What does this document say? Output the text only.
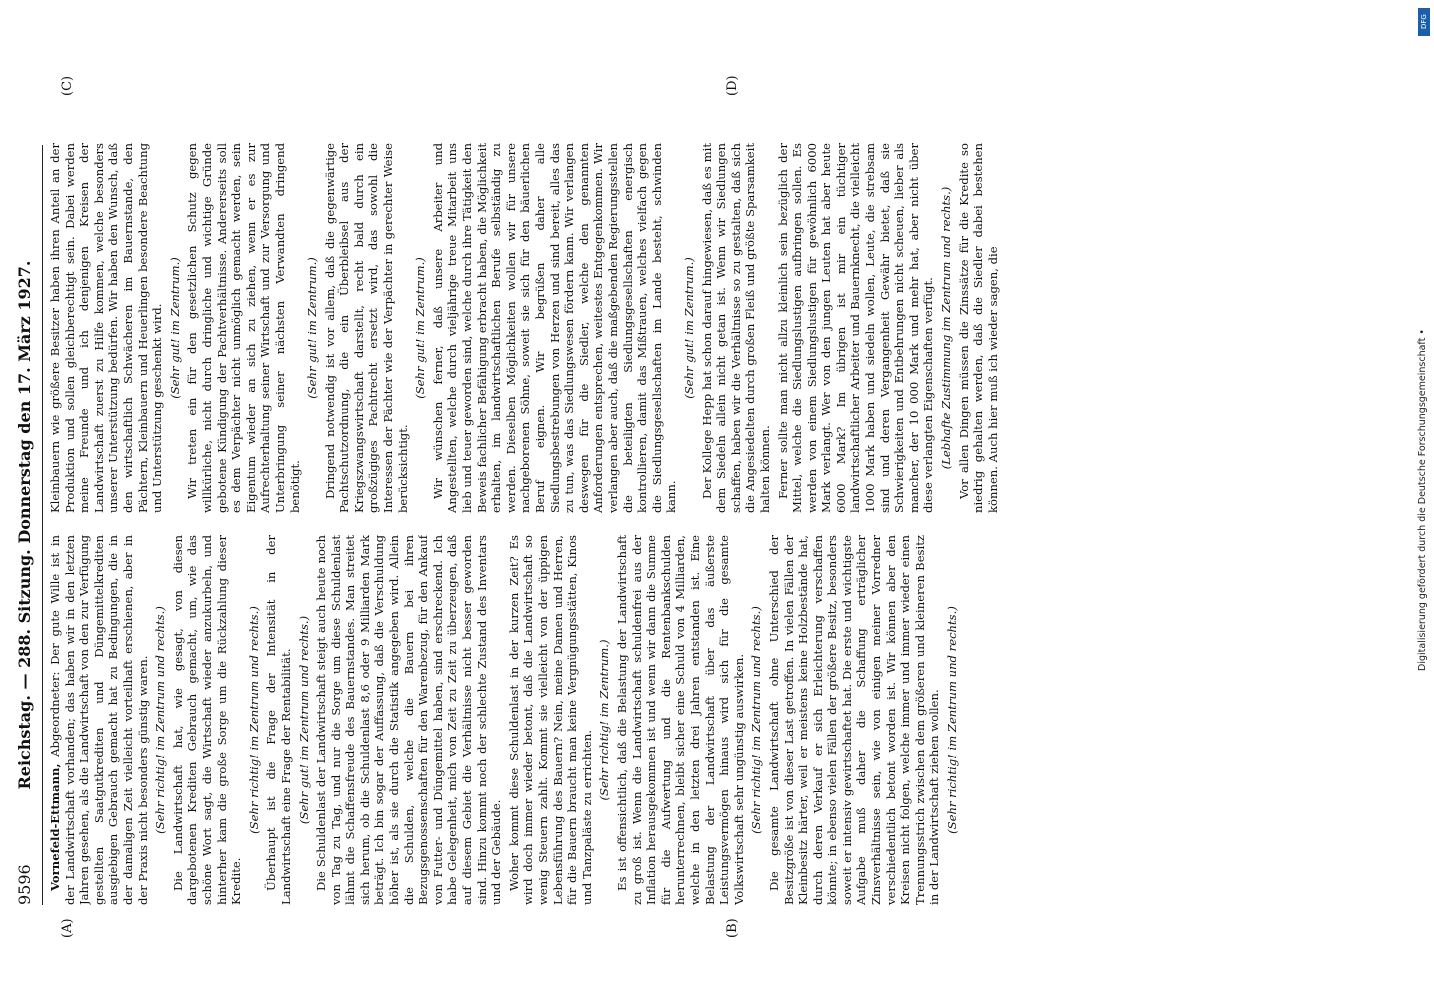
9596
Reichstag. — 288. Sitzung. Donnerstag den 17. März 1927.
(A)	(B)
(C)	(D)

Vornefeld-Ettmann, Abgeordneter: Der gute Wille ist in der Landwirtschaft vorhanden; das haben wir in den letzten Jahren gesehen, als die Landwirtschaft von den zur Verfügung gestellten Saatgutkrediten und Düngemittelkrediten ausgiebigen Gebrauch gemacht hat zu Bedingungen, die in der damaligen Zeit vielleicht vorteilhaft erschienen, aber in der Praxis nicht besonders günstig waren. (Sehr richtig! im Zentrum und rechts.) Die Landwirtschaft hat, wie gesagt, von diesen dargebotenen Krediten Gebrauch gemacht, um, wie das schöne Wort sagt, die Wirtschaft wieder anzukurbeln, und hinterher kam die große Sorge um die Rückzahlung dieser Kredite.

(Sehr richtig! im Zentrum und rechts.) Überhaupt ist die Frage der Intensität in der Landwirtschaft eine Frage der Rentabilität. (Sehr gut! im Zentrum und rechts.) Die Schuldenlast der Landwirtschaft steigt auch heute noch von Tag zu Tag, und nur die Sorge um diese Schuldenlast lähmt die Schaffensfreude des Bauernstandes. Man streitet sich herum, ob die Schuldenlast 8,6 oder 9 Milliarden Mark beträgt. Ich bin sogar der Auffassung, daß die Verschuldung höher ist, als sie durch die Statistik angegeben wird. Allein die Schulden, welche die Bauern bei ihren Bezugsgenossenschaften für den Warenbezug, für den Ankauf von Futter- und Düngemittel haben, sind erschreckend. Ich habe Gelegenheit, mich von Zeit zu Zeit zu überzeugen, daß auf diesem Gebiet die Verhältnisse nicht besser geworden sind. Hinzu kommt noch der schlechte Zustand des Inventars und der Gebäude. Woher kommt diese Schuldenlast in der kurzen Zeit? Es wird doch immer wieder betont, daß die Landwirtschaft so wenig Steuern zahlt. Kommt sie vielleicht von der üppigen Lebensführung des Bauern? Nein, meine Damen und Herren, für die Bauern braucht man keine Vergnügungsstätten, Kinos und Tanzpaläste zu errichten.

(Sehr richtig! im Zentrum.) Es ist offensichtlich, daß die Belastung der Landwirtschaft zu groß ist. Wenn die Landwirtschaft schuldenfrei aus der Inflation herausgekommen ist und wenn wir dann die Summe für die Aufwertung und die Rentenbankschulden herunterrechnen, bleibt sicher eine Schuld von 4 Milliarden, welche in den letzten drei Jahren entstanden ist. Eine Belastung der Landwirtschaft über das äußerste Leistungsvermögen hinaus wird sich für die gesamte Volkswirtschaft sehr ungünstig auswirken. (Sehr richtig! im Zentrum und rechts.) Die gesamte Landwirtschaft ohne Unterschied der Besitzgröße ist von dieser Last getroffen. In vielen Fällen der Kleinbesitz härter, weil er meistens keine Holzbestände hat, durch deren Verkauf er sich Erleichterung verschaffen könnte; in ebenso vielen Fällen der größere Besitz, besonders soweit er intensiv gewirtschaftet hat. Die erste und wichtigste Aufgabe muß daher die Schaffung erträglicher Zinsverhältnisse sein, wie von einigen meiner Vorredner verschiedentlich betont worden ist. Wir können aber den Kreisen nicht folgen, welche immer und immer wieder einen Trennungsstrich zwischen dem größeren und kleineren Besitz in der Landwirtschaft ziehen wollen. (Sehr richtig! im Zentrum und rechts.)

Kleinbauern wie größere Besitzer haben ihren Anteil an der Produktion und sollen gleichberechtigt sein. Dabei werden meine Freunde und ich denjenigen Kreisen der Landwirtschaft zuerst zu Hilfe kommen, welche besonders unserer Unterstützung bedürfen. Wir haben den Wunsch, daß den wirtschaftlich Schwächeren im Bauernstande, den Pächtern, Kleinbauern und Heuerlingen besondere Beachtung und Unterstützung geschenkt wird. (Sehr gut! im Zentrum.) Wir treten ein für den gesetzlichen Schutz gegen willkürliche, nicht durch dringliche und wichtige Gründe gebotene Kündigung der Pachtverhältnisse. Andererseits soll es dem Verpächter nicht unmöglich gemacht werden, sein Eigentum wieder an sich zu ziehen, wenn er es zur Aufrechterhaltung seiner Wirtschaft und zur Versorgung und Unterbringung seiner nächsten Verwandten dringend benötigt.

(Sehr gut! im Zentrum.) Dringend notwendig ist vor allem, daß die gegenwärtige Pachtschutzordnung, die ein Überbleibsel aus der Kriegszwangswirtschaft darstellt, recht bald durch ein großzügiges Pachtrecht ersetzt wird, das sowohl die Interessen der Pächter wie der Verpächter in gerechter Weise berücksichtigt.

(Sehr gut! im Zentrum.) Wir wünschen ferner, daß unsere Arbeiter und Angestellten, welche durch vieljährige treue Mitarbeit uns lieb und teuer geworden sind, welche durch ihre Tätigkeit den Beweis fachlicher Befähigung erbracht haben, die Möglichkeit erhalten, im landwirtschaftlichen Berufe selbständig zu werden. Dieselben Möglichkeiten wollen wir für unsere nachgeborenen Söhne, soweit sie sich für den bäuerlichen Beruf eignen. Wir begrüßen daher alle Siedlungsbestrebungen von Herzen und sind bereit, alles das zu tun, was das Siedlungswesen fördern kann. Wir verlangen deswegen für die Siedler, welche den genannten Anforderungen entsprechen, weitestes Entgegenkommen. Wir verlangen aber auch, daß die maßgebenden Regierungsstellen die beteiligten Siedlungsgesellschaften energisch kontrollieren, damit das Mißtrauen, welches vielfach gegen die Siedlungsgesellschaften im Lande besteht, schwinden kann.

(Sehr gut! im Zentrum.) Der Kollege Hepp hat schon darauf hingewiesen, daß es mit dem Siedeln allein nicht getan ist. Wenn wir Siedlungen schaffen, haben wir die Verhältnisse so zu gestalten, daß sich die Angesiedelten durch großen Fleiß und größte Sparsamkeit halten können. Ferner sollte man nicht allzu kleinlich sein bezüglich der Mittel, welche die Siedlungslustigen aufbringen sollen. Es werden von einem Siedlungslustigen für gewöhnlich 6000 Mark verlangt. Wer von den jungen Leuten hat aber heute 6000 Mark? Im übrigen ist mir ein tüchtiger landwirtschaftlicher Arbeiter und Bauernknecht, die vielleicht 1000 Mark haben und siedeln wollen, Leute, die strebsam sind und deren Vergangenheit Gewähr bietet, daß sie Schwierigkeiten und Entbehrungen nicht scheuen, lieber als mancher, der 10 000 Mark und mehr hat, aber nicht über diese verlangten Eigenschaften verfügt. (Lebhafte Zustimmung im Zentrum und rechts.) Vor allen Dingen müssen die Zinssätze für die Kredite so niedrig gehalten werden, daß die Siedler dabei bestehen können. Auch hier muß ich wieder sagen, die	Digitalisierung gefördert durch die Deutsche Forschungsgemeinschaft •
DFG
